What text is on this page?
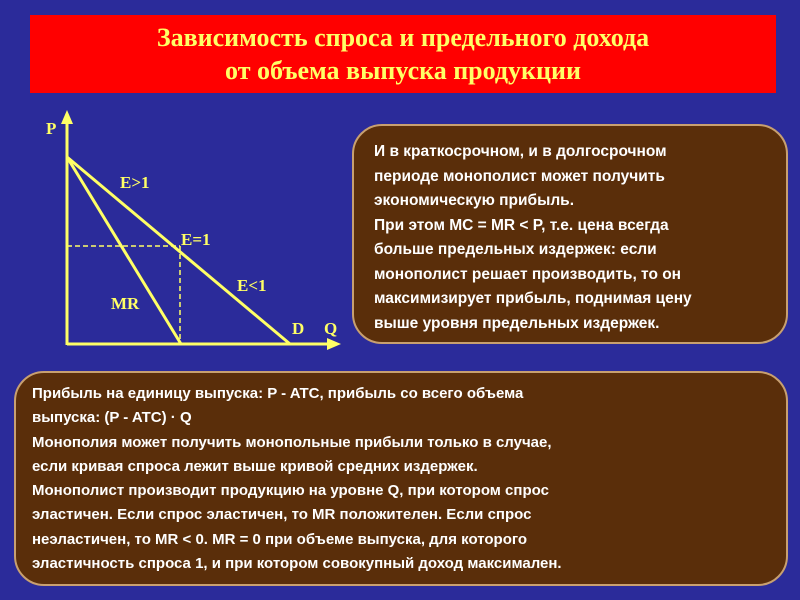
Зависимость спроса и предельного дохода
от объема выпуска продукции
P
Q
E>1
E=1
E<1
MR
D
И в краткосрочном, и в долгосрочном
периоде монополист может получить
экономическую прибыль.
При этом MC = MR < P, т.е. цена всегда
больше предельных издержек: если
монополист решает производить, то он
максимизирует прибыль, поднимая цену
выше уровня предельных издержек.
Прибыль на единицу выпуска: P - ATC, прибыль со всего объема
выпуска: (P - ATC) · Q
Монополия может получить монопольные прибыли только в случае,
если кривая спроса лежит выше кривой средних издержек.
Монополист производит продукцию на уровне Q, при котором спрос
эластичен. Если спрос эластичен, то MR положителен. Если спрос
неэластичен, то MR < 0. MR = 0 при объеме выпуска, для которого
эластичность спроса 1, и при котором совокупный доход максимален.
